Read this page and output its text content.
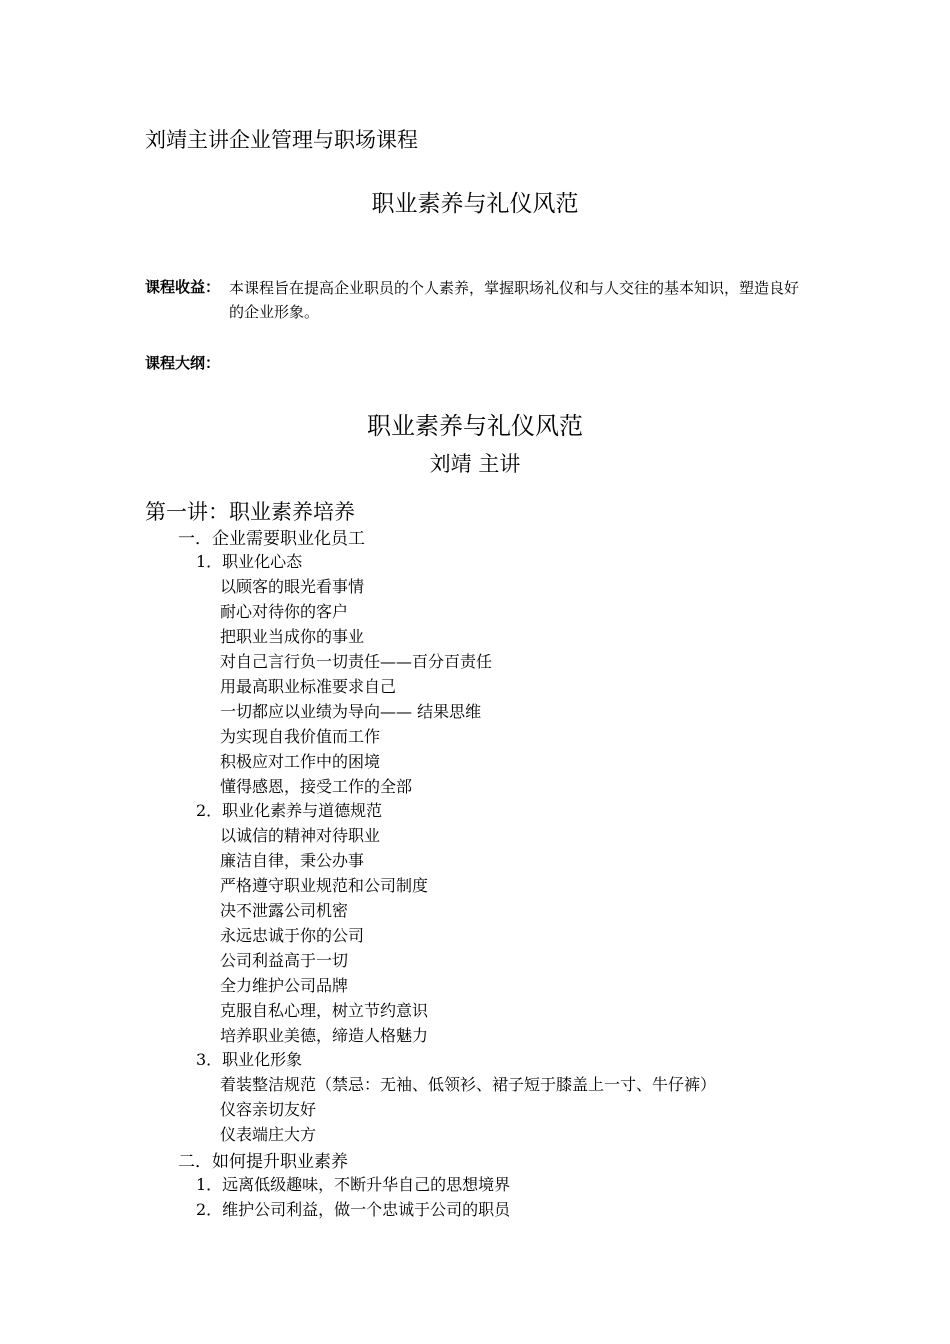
刘靖主讲企业管理与职场课程
职业素养与礼仪风范
课程收益： 本课程旨在提高企业职员的个人素养，掌握职场礼仪和与人交往的基本知识，塑造良好的企业形象。
课程大纲：
职业素养与礼仪风范
刘靖 主讲
第一讲：职业素养培养
一．企业需要职业化员工
1．职业化心态
以顾客的眼光看事情
耐心对待你的客户
把职业当成你的事业
对自己言行负一切责任——百分百责任
用最高职业标准要求自己
一切都应以业绩为导向—— 结果思维
为实现自我价值而工作
积极应对工作中的困境
懂得感恩，接受工作的全部
2．职业化素养与道德规范
以诚信的精神对待职业
廉洁自律，秉公办事
严格遵守职业规范和公司制度
决不泄露公司机密
永远忠诚于你的公司
公司利益高于一切
全力维护公司品牌
克服自私心理，树立节约意识
培养职业美德，缔造人格魅力
3．职业化形象
着装整洁规范（禁忌：无袖、低领衫、裙子短于膝盖上一寸、牛仔裤）
仪容亲切友好
仪表端庄大方
二．如何提升职业素养
1．远离低级趣味，不断升华自己的思想境界
2．维护公司利益，做一个忠诚于公司的职员
